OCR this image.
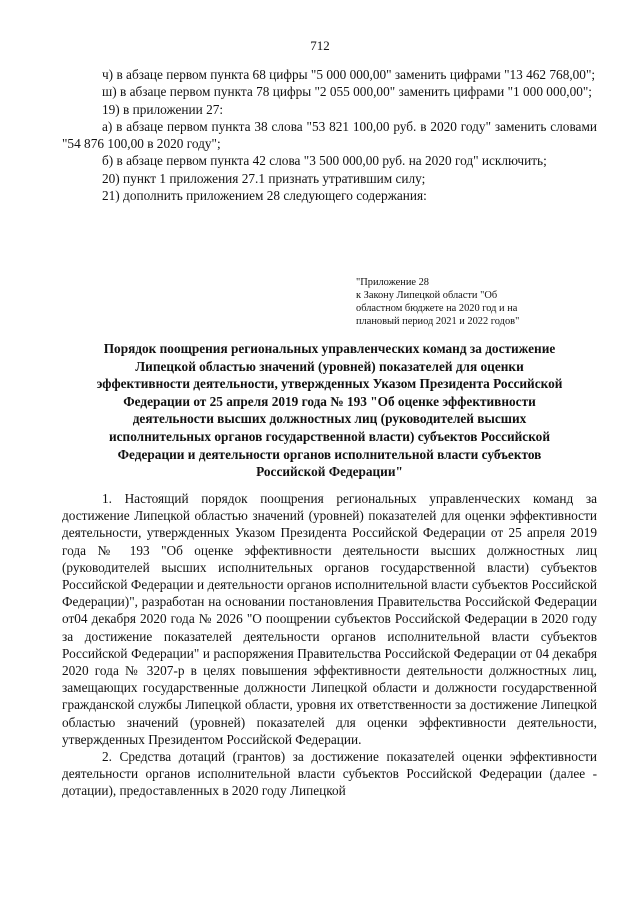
712

ч) в абзаце первом пункта 68 цифры "5 000 000,00" заменить цифрами "13 462 768,00";

ш) в абзаце первом пункта 78 цифры "2 055 000,00" заменить цифрами "1 000 000,00";

19) в приложении 27:

а) в абзаце первом пункта 38 слова "53 821 100,00 руб. в 2020 году" заменить словами "54 876 100,00 в 2020 году";

б) в абзаце первом пункта 42 слова "3 500 000,00 руб. на 2020 год" исключить;

20) пункт 1 приложения 27.1 признать утратившим силу;

21) дополнить приложением 28 следующего содержания:

"Приложение 28
к Закону Липецкой области "Об
областном бюджете на 2020 год и на
плановый период 2021 и 2022 годов"
Порядок поощрения региональных управленческих команд за достижение
Липецкой областью значений (уровней) показателей для оценки
эффективности деятельности, утвержденных Указом Президента Российской
Федерации от 25 апреля 2019 года № 193 "Об оценке эффективности
деятельности высших должностных лиц (руководителей высших
исполнительных органов государственной власти) субъектов Российской
Федерации и деятельности органов исполнительной власти субъектов
Российской Федерации"

1. Настоящий порядок поощрения региональных управленческих команд за достижение Липецкой областью значений (уровней) показателей для оценки эффективности деятельности, утвержденных Указом Президента Российской Федерации от 25 апреля 2019 года № 193 "Об оценке эффективности деятельности высших должностных лиц (руководителей высших исполнительных органов государственной власти) субъектов Российской Федерации и деятельности органов исполнительной власти субъектов Российской Федерации)", разработан на основании постановления Правительства Российской Федерации от04 декабря 2020 года № 2026 "О поощрении субъектов Российской Федерации в 2020 году за достижение показателей деятельности органов исполнительной власти субъектов Российской Федерации" и распоряжения Правительства Российской Федерации от 04 декабря 2020 года № 3207-р в целях повышения эффективности деятельности должностных лиц, замещающих государственные должности Липецкой области и должности государственной гражданской службы Липецкой области, уровня их ответственности за достижение Липецкой областью значений (уровней) показателей для оценки эффективности деятельности, утвержденных Президентом Российской Федерации.

2. Средства дотаций (грантов) за достижение показателей оценки эффективности деятельности органов исполнительной власти субъектов Российской Федерации (далее - дотации), предоставленных в 2020 году Липецкой
